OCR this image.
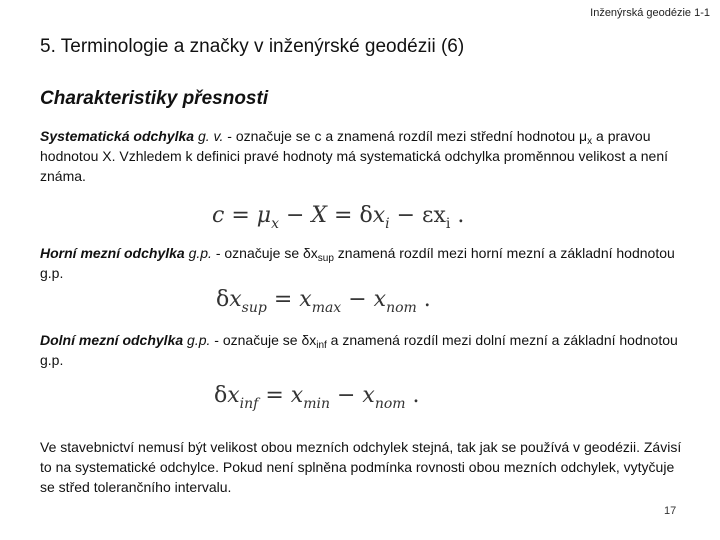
Inženýrská geodézie 1-1
5. Terminologie a značky v inženýrské geodézii (6)
Charakteristiky přesnosti
Systematická odchylka g. v. - označuje se c a znamená rozdíl mezi střední hodnotou $\mu_x$ a pravou hodnotou X. Vzhledem k definici pravé hodnoty má systematická odchylka proměnnou velikost a není známa.
$c = \mu_x - X = \delta x_i - \varepsilon x_i$ .
Horní mezní odchylka g.p. - označuje se $\delta x_{sup}$ znamená rozdíl mezi horní mezní a základní hodnotou g.p.
$\delta x_{sup} = x_{max} - x_{nom}$ .
Dolní mezní odchylka g.p. - označuje se $\delta x_{inf}$ a znamená rozdíl mezi dolní mezní a základní hodnotou g.p.
$\delta x_{inf} = x_{min} - x_{nom}$ .
Ve stavebnictví nemusí být velikost obou mezních odchylek stejná, tak jak se používá v geodézii. Závisí to na systematické odchylce. Pokud není splněna podmínka rovnosti obou mezních odchylek, vytyčuje se střed tolerančního intervalu.
17
